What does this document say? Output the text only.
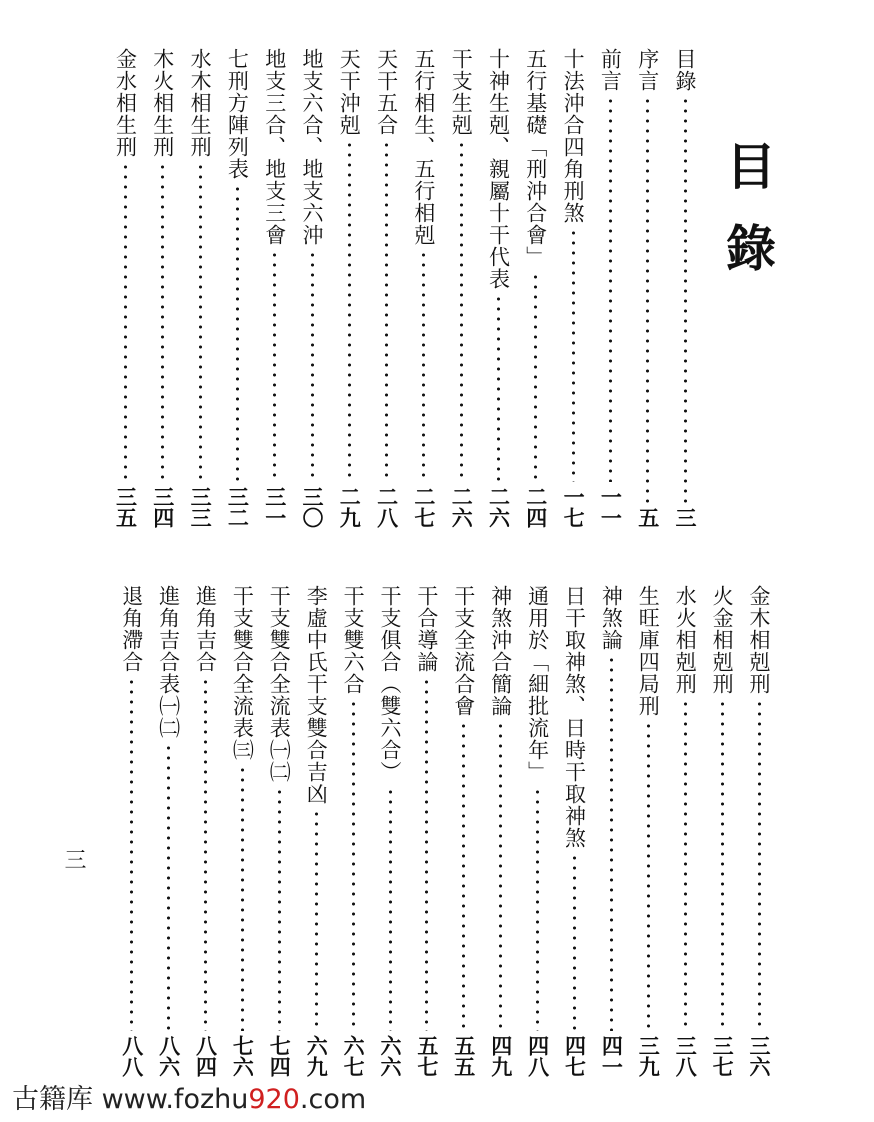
目錄
目錄
三
序言
五
前言
一一
十法沖合四角刑煞
一七
五行基礎「刑沖合會」
二四
十神生剋、親屬十干代表
二六
干支生剋
二六
五行相生、五行相剋
二七
天干五合
二八
天干沖剋
二九
地支六合、地支六沖
三〇
地支三合、地支三會
三一
七刑方陣列表
三二
水木相生刑
三三
木火相生刑
三四
金水相生刑
三五
金木相剋刑
三六
火金相剋刑
三七
水火相剋刑
三八
生旺庫四局刑
三九
神煞論
四一
日干取神煞、日時干取神煞
四七
通用於「細批流年」
四八
神煞沖合簡論
四九
干支全流合會
五五
干合導論
五七
干支俱合（雙六合）
六六
干支雙六合
六七
李虛中氏干支雙合吉凶
六九
干支雙合全流表㈠㈡
七四
干支雙合全流表㈢
七六
進角吉合
八四
進角吉合表㈠㈡
八六
退角滯合
八八
三
古籍库 www.fozhu920.com
